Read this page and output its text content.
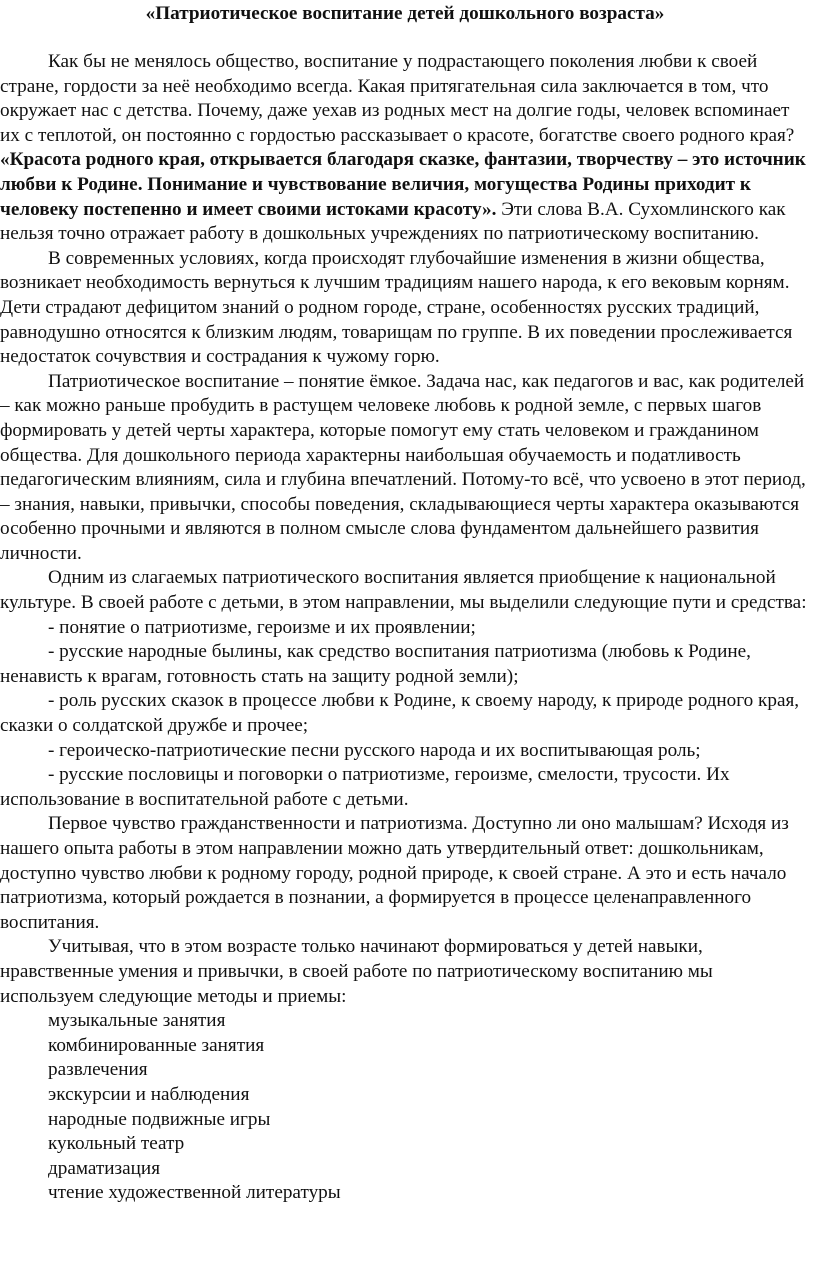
«Патриотическое воспитание детей дошкольного возраста»

Как бы не менялось общество, воспитание у подрастающего поколения любви к своей стране, гордости за неё необходимо всегда. Какая притягательная сила заключается в том, что окружает нас с детства. Почему, даже уехав из родных мест на долгие годы, человек вспоминает их с теплотой, он постоянно с гордостью рассказывает о красоте, богатстве своего родного края? «Красота родного края, открывается благодаря сказке, фантазии, творчеству – это источник любви к Родине. Понимание и чувствование величия, могущества Родины приходит к человеку постепенно и имеет своими истоками красоту». Эти слова В.А. Сухомлинского как нельзя точно отражает работу в дошкольных учреждениях по патриотическому воспитанию.

В современных условиях, когда происходят глубочайшие изменения в жизни общества, возникает необходимость вернуться к лучшим традициям нашего народа, к его вековым корням. Дети страдают дефицитом знаний о родном городе, стране, особенностях русских традиций, равнодушно относятся к близким людям, товарищам по группе. В их поведении прослеживается недостаток сочувствия и сострадания к чужому горю.

Патриотическое воспитание – понятие ёмкое. Задача нас, как педагогов и вас, как родителей – как можно раньше пробудить в растущем человеке любовь к родной земле, с первых шагов формировать у детей черты характера, которые помогут ему стать человеком и гражданином общества. Для дошкольного периода характерны наибольшая обучаемость и податливость педагогическим влияниям, сила и глубина впечатлений. Потому-то всё, что усвоено в этот период, – знания, навыки, привычки, способы поведения, складывающиеся черты характера оказываются особенно прочными и являются в полном смысле слова фундаментом дальнейшего развития личности.

Одним из слагаемых патриотического воспитания является приобщение к национальной культуре. В своей работе с детьми, в этом направлении, мы выделили следующие пути и средства:

- понятие о патриотизме, героизме и их проявлении;

- русские народные былины, как средство воспитания патриотизма (любовь к Родине, ненависть к врагам, готовность стать на защиту родной земли);

- роль русских сказок в процессе любви к Родине, к своему народу, к природе родного края, сказки о солдатской дружбе и прочее;

- героическо-патриотические песни русского народа и их воспитывающая роль;

- русские пословицы и поговорки о патриотизме, героизме, смелости, трусости. Их использование в воспитательной работе с детьми.

Первое чувство гражданственности и патриотизма. Доступно ли оно малышам? Исходя из нашего опыта работы в этом направлении можно дать утвердительный ответ: дошкольникам, доступно чувство любви к родному городу, родной природе, к своей стране. А это и есть начало патриотизма, который рождается в познании, а формируется в процессе целенаправленного воспитания.

Учитывая, что в этом возрасте только начинают формироваться у детей навыки, нравственные умения и привычки, в своей работе по патриотическому воспитанию мы используем следующие методы и приемы:

музыкальные занятия
комбинированные занятия
развлечения
экскурсии и наблюдения
народные подвижные игры
кукольный театр
драматизация
чтение художественной литературы
